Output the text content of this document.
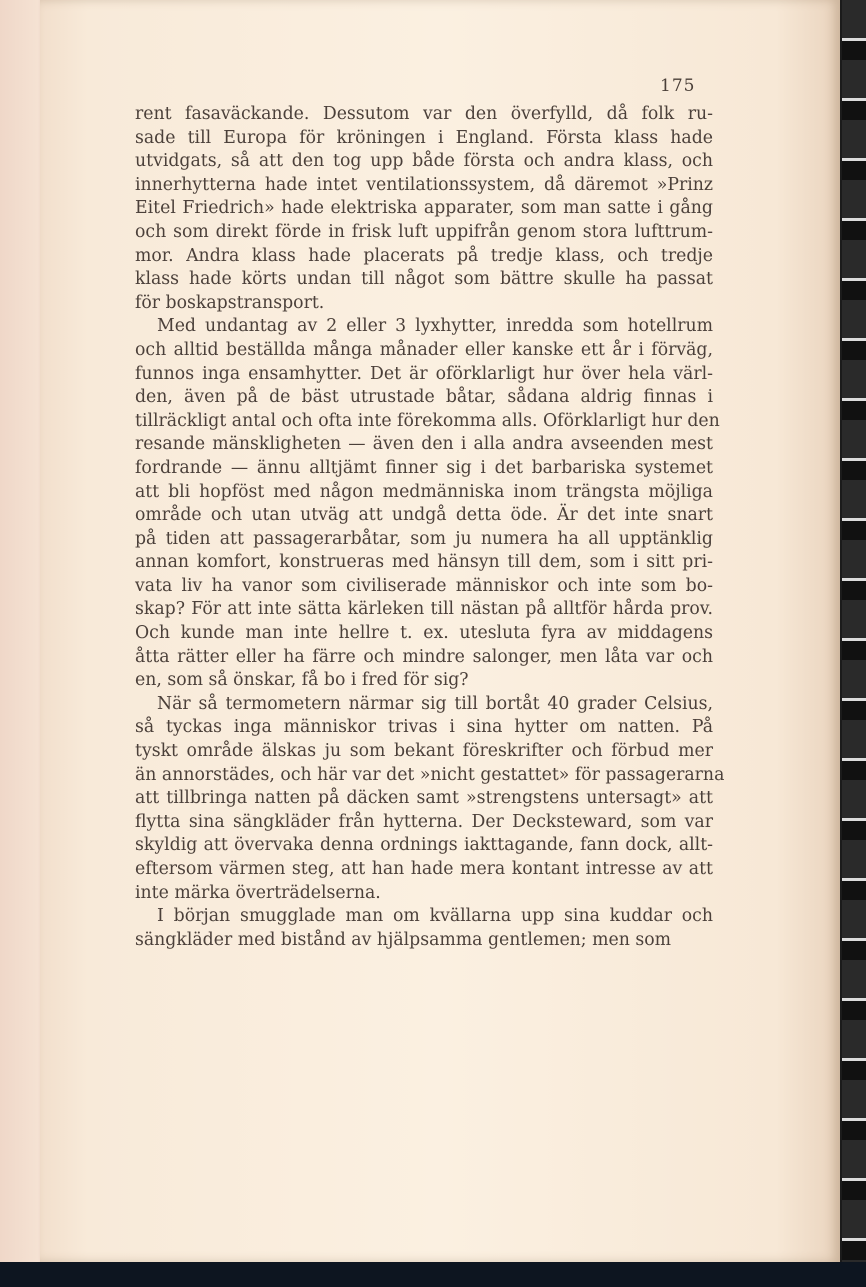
175
rent fasaväckande. Dessutom var den överfylld, då folk ru-
sade till Europa för kröningen i England. Första klass hade
utvidgats, så att den tog upp både första och andra klass, och
innerhytterna hade intet ventilationssystem, då däremot »Prinz
Eitel Friedrich» hade elektriska apparater, som man satte i gång
och som direkt förde in frisk luft uppifrån genom stora lufttrum-
mor. Andra klass hade placerats på tredje klass, och tredje
klass hade körts undan till något som bättre skulle ha passat
för boskapstransport.
Med undantag av 2 eller 3 lyxhytter, inredda som hotellrum
och alltid beställda många månader eller kanske ett år i förväg,
funnos inga ensamhytter. Det är oförklarligt hur över hela värl-
den, även på de bäst utrustade båtar, sådana aldrig finnas i
tillräckligt antal och ofta inte förekomma alls. Oförklarligt hur den
resande mänskligheten — även den i alla andra avseenden mest
fordrande — ännu alltjämt finner sig i det barbariska systemet
att bli hopföst med någon medmänniska inom trängsta möjliga
område och utan utväg att undgå detta öde. Är det inte snart
på tiden att passagerarbåtar, som ju numera ha all upptänklig
annan komfort, konstrueras med hänsyn till dem, som i sitt pri-
vata liv ha vanor som civiliserade människor och inte som bo-
skap? För att inte sätta kärleken till nästan på alltför hårda prov.
Och kunde man inte hellre t. ex. utesluta fyra av middagens
åtta rätter eller ha färre och mindre salonger, men låta var och
en, som så önskar, få bo i fred för sig?
När så termometern närmar sig till bortåt 40 grader Celsius,
så tyckas inga människor trivas i sina hytter om natten. På
tyskt område älskas ju som bekant föreskrifter och förbud mer
än annorstädes, och här var det »nicht gestattet» för passagerarna
att tillbringa natten på däcken samt »strengstens untersagt» att
flytta sina sängkläder från hytterna. Der Decksteward, som var
skyldig att övervaka denna ordnings iakttagande, fann dock, allt-
eftersom värmen steg, att han hade mera kontant intresse av att
inte märka överträdelserna.
I början smugglade man om kvällarna upp sina kuddar och
sängkläder med bistånd av hjälpsamma gentlemen; men som
